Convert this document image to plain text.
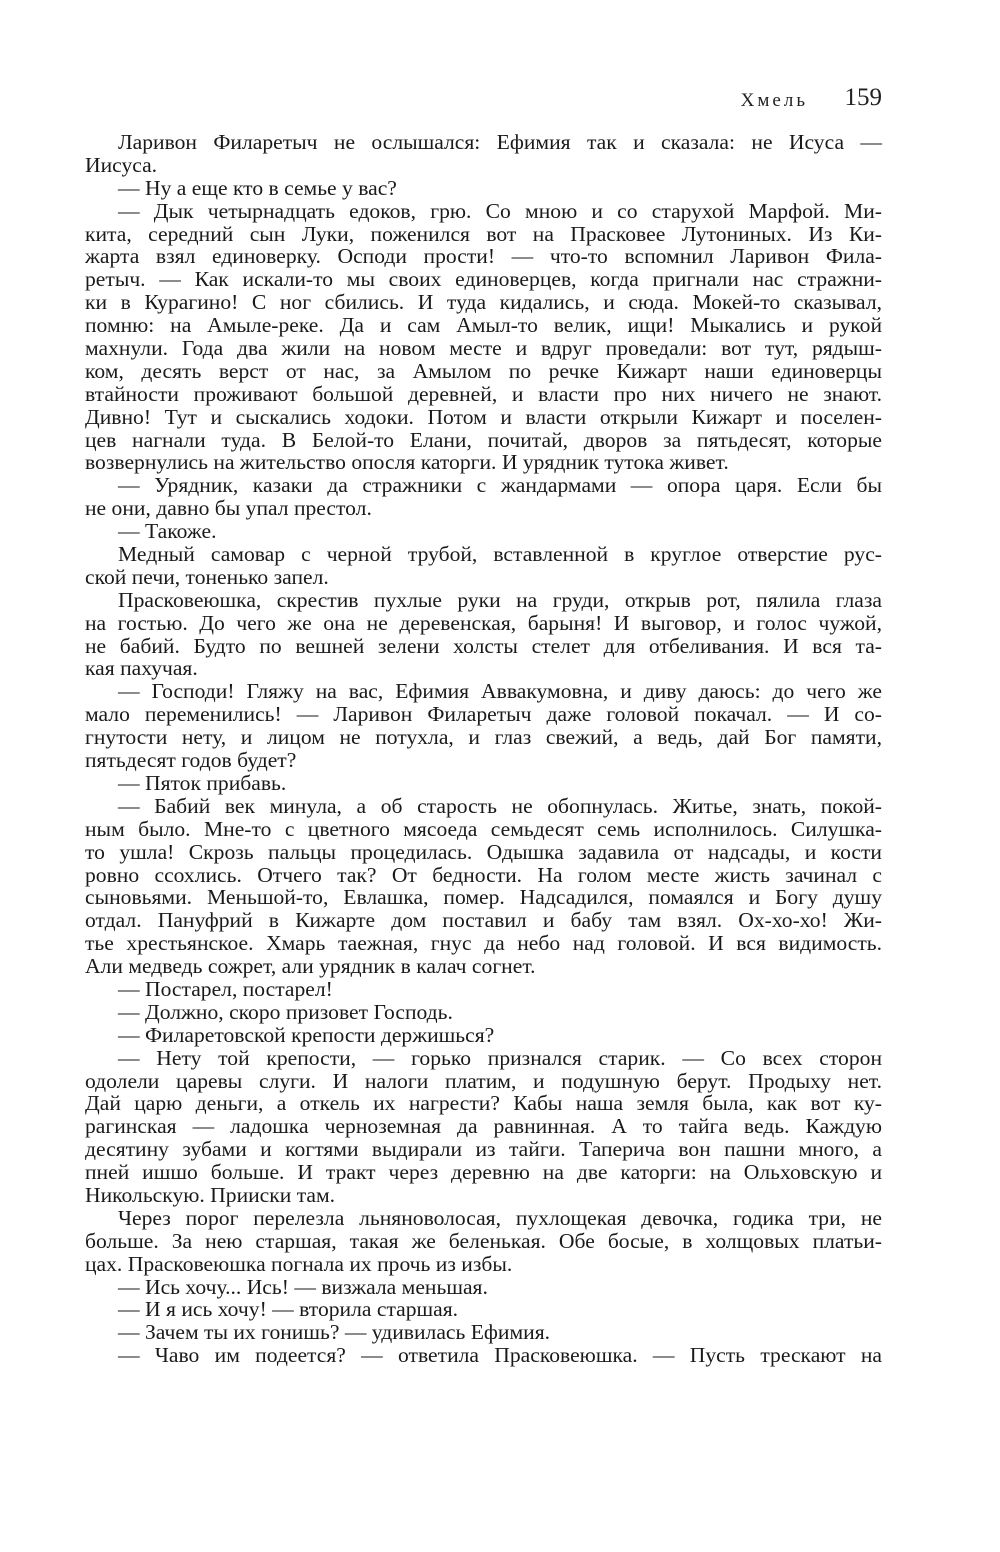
Хмель 159
Ларивон Филаретыч не ослышался: Ефимия так и сказала: не Исуса —
Иисуса.
— Ну а еще кто в семье у вас?
— Дык четырнадцать едоков, грю. Со мною и со старухой Марфой. Ми-
кита, середний сын Луки, поженился вот на Прасковее Лутониных. Из Ки-
жарта взял единоверку. Осподи прости! — что-то вспомнил Ларивон Фила-
ретыч. — Как искали-то мы своих единоверцев, когда пригнали нас стражни-
ки в Курагино! С ног сбились. И туда кидались, и сюда. Мокей-то сказывал,
помню: на Амыле-реке. Да и сам Амыл-то велик, ищи! Мыкались и рукой
махнули. Года два жили на новом месте и вдруг проведали: вот тут, рядыш-
ком, десять верст от нас, за Амылом по речке Кижарт наши единоверцы
втайности проживают большой деревней, и власти про них ничего не знают.
Дивно! Тут и сыскались ходоки. Потом и власти открыли Кижарт и поселен-
цев нагнали туда. В Белой-то Елани, почитай, дворов за пятьдесят, которые
возвернулись на жительство опосля каторги. И урядник тутока живет.
— Урядник, казаки да стражники с жандармами — опора царя. Если бы
не они, давно бы упал престол.
— Такоже.
Медный самовар с черной трубой, вставленной в круглое отверстие рус-
ской печи, тоненько запел.
Прасковеюшка, скрестив пухлые руки на груди, открыв рот, пялила глаза
на гостью. До чего же она не деревенская, барыня! И выговор, и голос чужой,
не бабий. Будто по вешней зелени холсты стелет для отбеливания. И вся та-
кая пахучая.
— Господи! Гляжу на вас, Ефимия Аввакумовна, и диву даюсь: до чего же
мало переменились! — Ларивон Филаретыч даже головой покачал. — И со-
гнутости нету, и лицом не потухла, и глаз свежий, а ведь, дай Бог памяти,
пятьдесят годов будет?
— Пяток прибавь.
— Бабий век минула, а об старость не обопнулась. Житье, знать, покой-
ным было. Мне-то с цветного мясоеда семьдесят семь исполнилось. Силушка-
то ушла! Скрозь пальцы процедилась. Одышка задавила от надсады, и кости
ровно ссохлись. Отчего так? От бедности. На голом месте жисть зачинал с
сыновьями. Меньшой-то, Евлашка, помер. Надсадился, помаялся и Богу душу
отдал. Пануфрий в Кижарте дом поставил и бабу там взял. Ох-хо-хо! Жи-
тье хрестьянское. Хмарь таежная, гнус да небо над головой. И вся видимость.
Али медведь сожрет, али урядник в калач согнет.
— Постарел, постарел!
— Должно, скоро призовет Господь.
— Филаретовской крепости держишься?
— Нету той крепости, — горько признался старик. — Со всех сторон
одолели царевы слуги. И налоги платим, и подушную берут. Продыху нет.
Дай царю деньги, а откель их нагрести? Кабы наша земля была, как вот ку-
рагинская — ладошка черноземная да равнинная. А то тайга ведь. Каждую
десятину зубами и когтями выдирали из тайги. Таперича вон пашни много, а
пней ишшо больше. И тракт через деревню на две каторги: на Ольховскую и
Никольскую. Прииски там.
Через порог перелезла льняноволосая, пухлощекая девочка, годика три, не
больше. За нею старшая, такая же беленькая. Обе босые, в холщовых платьи-
цах. Прасковеюшка погнала их прочь из избы.
— Ись хочу... Ись! — визжала меньшая.
— И я ись хочу! — вторила старшая.
— Зачем ты их гонишь? — удивилась Ефимия.
— Чаво им подеется? — ответила Прасковеюшка. — Пусть трескают на
